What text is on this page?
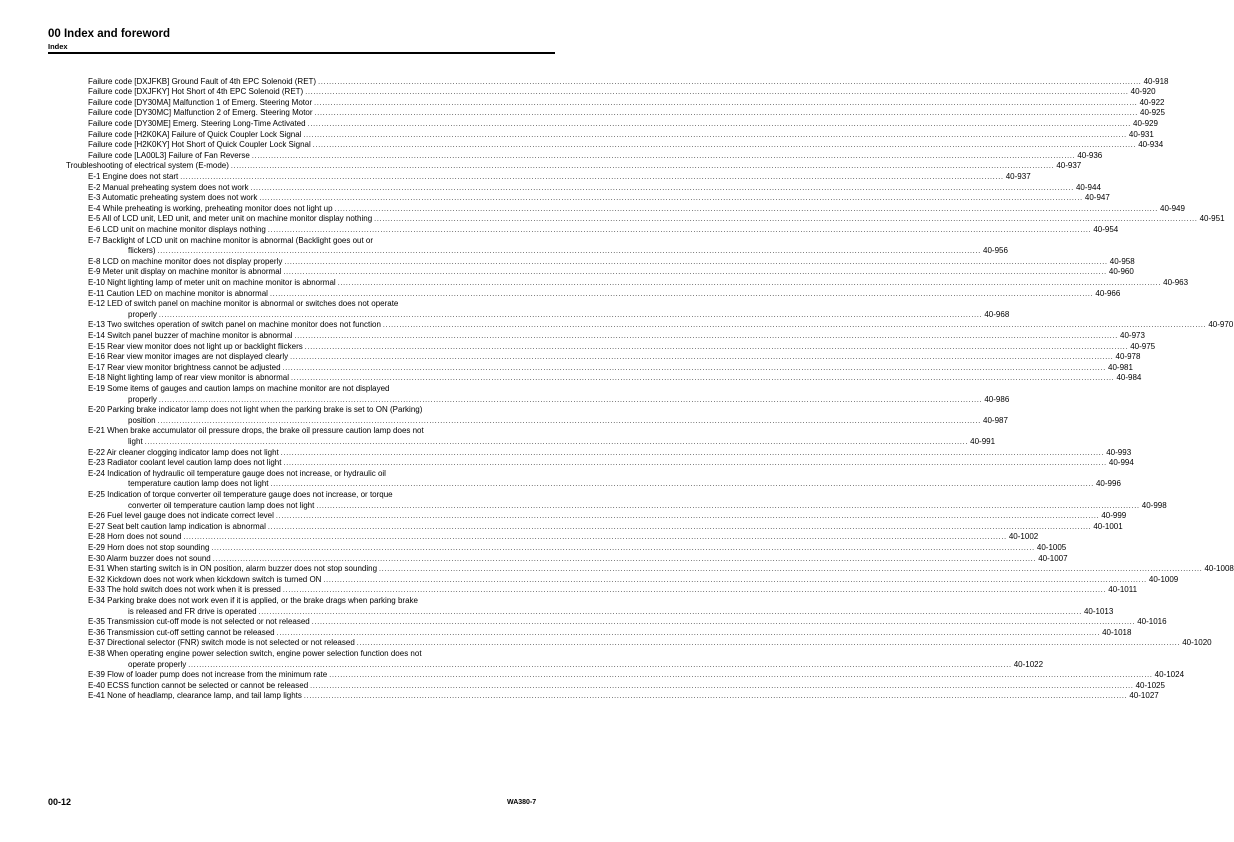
00 Index and foreword
Index
Failure code [DXJFKB] Ground Fault of 4th EPC Solenoid (RET) ............................................................................................................................................................................................................................................................................................................ 40-918
Failure code [DXJFKY] Hot Short of 4th EPC Solenoid (RET) ............................................................................................................................................................................................................................................................................................................ 40-920
Failure code [DY30MA] Malfunction 1 of Emerg. Steering Motor ............................................................................................................................................................................................................................................................................................................ 40-922
Failure code [DY30MC] Malfunction 2 of Emerg. Steering Motor ............................................................................................................................................................................................................................................................................................................ 40-925
Failure code [DY30ME] Emerg. Steering Long-Time Activated ............................................................................................................................................................................................................................................................................................................ 40-929
Failure code [H2K0KA] Failure of Quick Coupler Lock Signal ............................................................................................................................................................................................................................................................................................................ 40-931
Failure code [H2K0KY] Hot Short of Quick Coupler Lock Signal ............................................................................................................................................................................................................................................................................................................ 40-934
Failure code [LA00L3] Failure of Fan Reverse ............................................................................................................................................................................................................................................................................................................ 40-936
Troubleshooting of electrical system (E-mode) ............................................................................................................................................................................................................................................................................................................ 40-937
E-1 Engine does not start ............................................................................................................................................................................................................................................................................................................ 40-937
E-2 Manual preheating system does not work ............................................................................................................................................................................................................................................................................................................ 40-944
E-3 Automatic preheating system does not work ............................................................................................................................................................................................................................................................................................................ 40-947
E-4 While preheating is working, preheating monitor does not light up ............................................................................................................................................................................................................................................................................................................ 40-949
E-5 All of LCD unit, LED unit, and meter unit on machine monitor display nothing ............................................................................................................................................................................................................................................................................................................ 40-951
E-6 LCD unit on machine monitor displays nothing ............................................................................................................................................................................................................................................................................................................ 40-954
E-7 Backlight of LCD unit on machine monitor is abnormal (Backlight goes out or
flickers) ............................................................................................................................................................................................................................................................................................................ 40-956
E-8 LCD on machine monitor does not display properly ............................................................................................................................................................................................................................................................................................................ 40-958
E-9 Meter unit display on machine monitor is abnormal ............................................................................................................................................................................................................................................................................................................ 40-960
E-10 Night lighting lamp of meter unit on machine monitor is abnormal ............................................................................................................................................................................................................................................................................................................ 40-963
E-11 Caution LED on machine monitor is abnormal ............................................................................................................................................................................................................................................................................................................ 40-966
E-12 LED of switch panel on machine monitor is abnormal or switches does not operate
properly ............................................................................................................................................................................................................................................................................................................ 40-968
E-13 Two switches operation of switch panel on machine monitor does not function ............................................................................................................................................................................................................................................................................................................ 40-970
E-14 Switch panel buzzer of machine monitor is abnormal ............................................................................................................................................................................................................................................................................................................ 40-973
E-15 Rear view monitor does not light up or backlight flickers ............................................................................................................................................................................................................................................................................................................ 40-975
E-16 Rear view monitor images are not displayed clearly ............................................................................................................................................................................................................................................................................................................ 40-978
E-17 Rear view monitor brightness cannot be adjusted ............................................................................................................................................................................................................................................................................................................ 40-981
E-18 Night lighting lamp of rear view monitor is abnormal ............................................................................................................................................................................................................................................................................................................ 40-984
E-19 Some items of gauges and caution lamps on machine monitor are not displayed
properly ............................................................................................................................................................................................................................................................................................................ 40-986
E-20 Parking brake indicator lamp does not light when the parking brake is set to ON (Parking)
position ............................................................................................................................................................................................................................................................................................................ 40-987
E-21 When brake accumulator oil pressure drops, the brake oil pressure caution lamp does not
light ............................................................................................................................................................................................................................................................................................................ 40-991
E-22 Air cleaner clogging indicator lamp does not light ............................................................................................................................................................................................................................................................................................................ 40-993
E-23 Radiator coolant level caution lamp does not light ............................................................................................................................................................................................................................................................................................................ 40-994
E-24 Indication of hydraulic oil temperature gauge does not increase, or hydraulic oil
temperature caution lamp does not light ............................................................................................................................................................................................................................................................................................................ 40-996
E-25 Indication of torque converter oil temperature gauge does not increase, or torque
converter oil temperature caution lamp does not light ............................................................................................................................................................................................................................................................................................................ 40-998
E-26 Fuel level gauge does not indicate correct level ............................................................................................................................................................................................................................................................................................................ 40-999
E-27 Seat belt caution lamp indication is abnormal ............................................................................................................................................................................................................................................................................................................ 40-1001
E-28 Horn does not sound ............................................................................................................................................................................................................................................................................................................ 40-1002
E-29 Horn does not stop sounding ............................................................................................................................................................................................................................................................................................................ 40-1005
E-30 Alarm buzzer does not sound ............................................................................................................................................................................................................................................................................................................ 40-1007
E-31 When starting switch is in ON position, alarm buzzer does not stop sounding ............................................................................................................................................................................................................................................................................................................ 40-1008
E-32 Kickdown does not work when kickdown switch is turned ON ............................................................................................................................................................................................................................................................................................................ 40-1009
E-33 The hold switch does not work when it is pressed ............................................................................................................................................................................................................................................................................................................ 40-1011
E-34 Parking brake does not work even if it is applied, or the brake drags when parking brake
is released and FR drive is operated ............................................................................................................................................................................................................................................................................................................ 40-1013
E-35 Transmission cut-off mode is not selected or not released ............................................................................................................................................................................................................................................................................................................ 40-1016
E-36 Transmission cut-off setting cannot be released ............................................................................................................................................................................................................................................................................................................ 40-1018
E-37 Directional selector (FNR) switch mode is not selected or not released ............................................................................................................................................................................................................................................................................................................ 40-1020
E-38 When operating engine power selection switch, engine power selection function does not
operate properly ............................................................................................................................................................................................................................................................................................................ 40-1022
E-39 Flow of loader pump does not increase from the minimum rate ............................................................................................................................................................................................................................................................................................................ 40-1024
E-40 ECSS function cannot be selected or cannot be released ............................................................................................................................................................................................................................................................................................................ 40-1025
E-41 None of headlamp, clearance lamp, and tail lamp lights ............................................................................................................................................................................................................................................................................................................ 40-1027
00-12	WA380-7
